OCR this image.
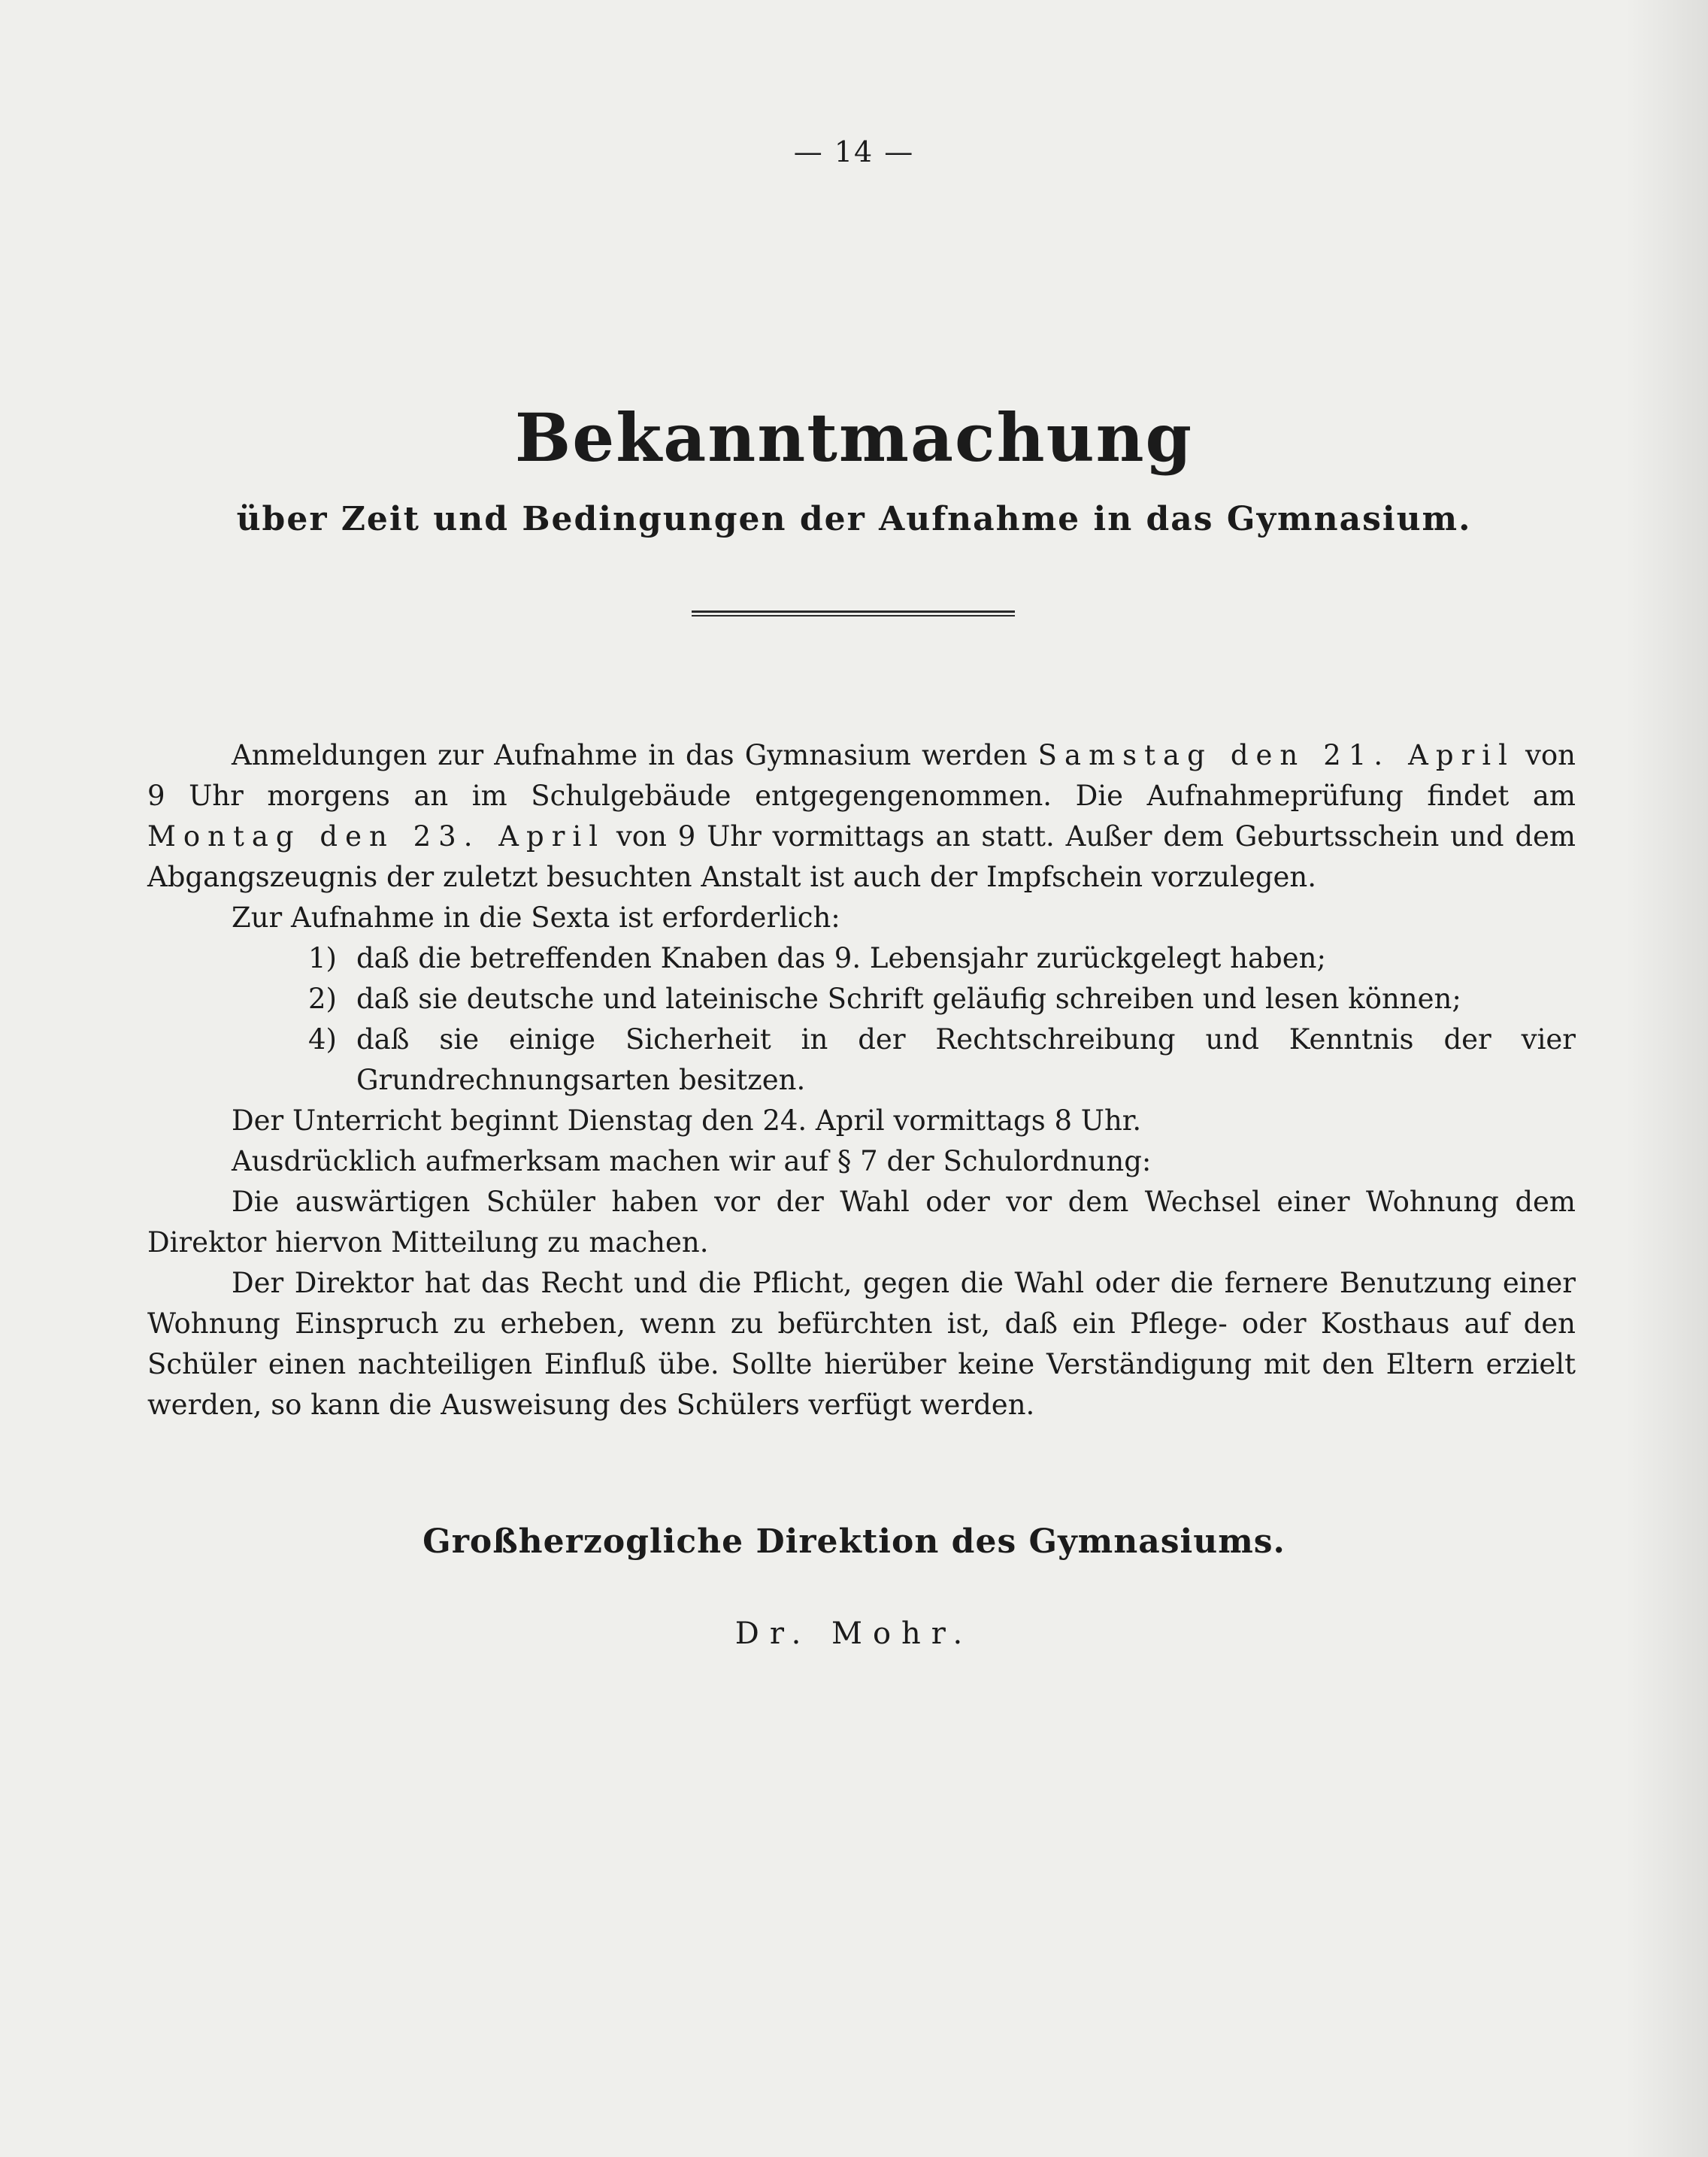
— 14 —
Bekanntmachung
über Zeit und Bedingungen der Aufnahme in das Gymnasium.

Anmeldungen zur Aufnahme in das Gymnasium werden Samstag den 21. April von 9 Uhr morgens an im Schulgebäude entgegengenommen. Die Aufnahmeprüfung findet am Montag den 23. April von 9 Uhr vormittags an statt. Außer dem Geburtsschein und dem Abgangszeugnis der zuletzt besuchten Anstalt ist auch der Impfschein vorzulegen.

Zur Aufnahme in die Sexta ist erforderlich:

1) daß die betreffenden Knaben das 9. Lebensjahr zurückgelegt haben;
2) daß sie deutsche und lateinische Schrift geläufig schreiben und lesen können;
4) daß sie einige Sicherheit in der Rechtschreibung und Kenntnis der vier Grundrechnungsarten besitzen.

Der Unterricht beginnt Dienstag den 24. April vormittags 8 Uhr.

Ausdrücklich aufmerksam machen wir auf § 7 der Schulordnung:

Die auswärtigen Schüler haben vor der Wahl oder vor dem Wechsel einer Wohnung dem Direktor hiervon Mitteilung zu machen.

Der Direktor hat das Recht und die Pflicht, gegen die Wahl oder die fernere Benutzung einer Wohnung Einspruch zu erheben, wenn zu befürchten ist, daß ein Pflege- oder Kosthaus auf den Schüler einen nachteiligen Einfluß übe. Sollte hierüber keine Verständigung mit den Eltern erzielt werden, so kann die Ausweisung des Schülers verfügt werden.

Großherzogliche Direktion des Gymnasiums.
Dr. Mohr.
